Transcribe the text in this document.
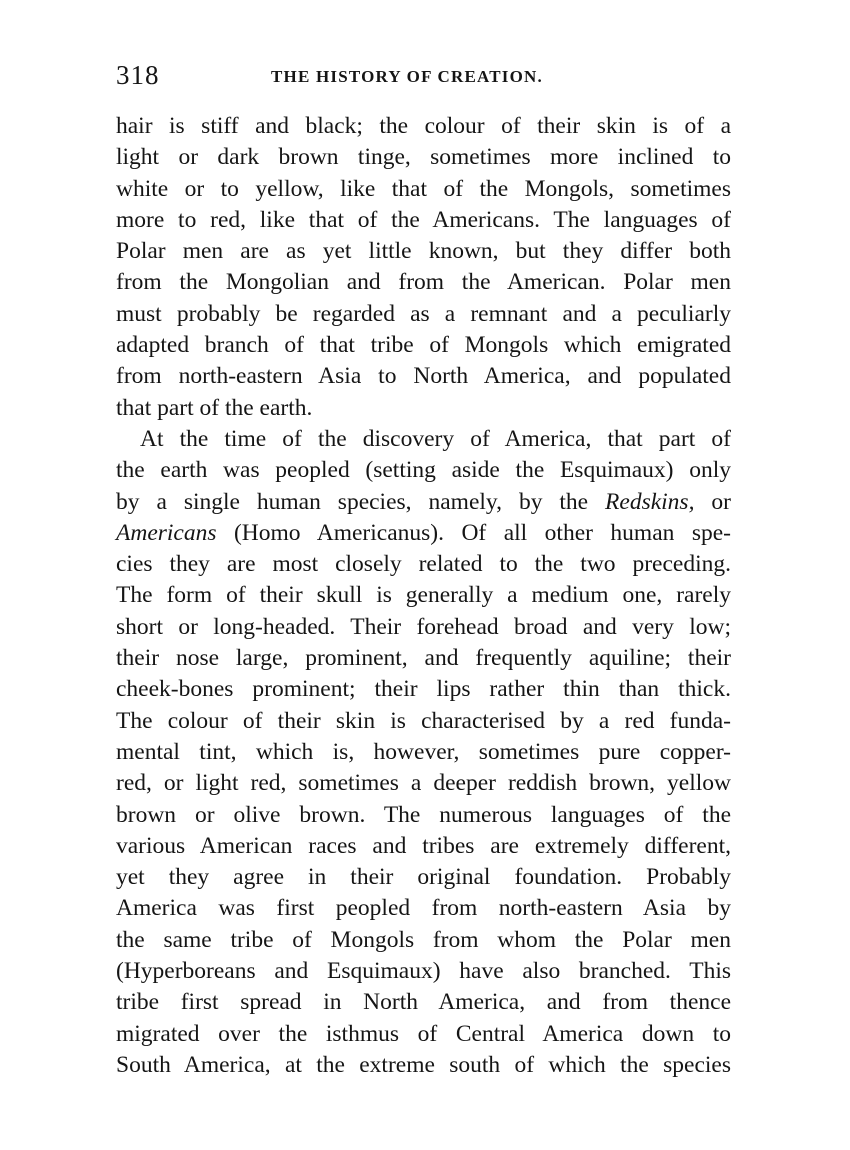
318	THE HISTORY OF CREATION.
hair is stiff and black; the colour of their skin is of a
light or dark brown tinge, sometimes more inclined to
white or to yellow, like that of the Mongols, sometimes
more to red, like that of the Americans. The languages of
Polar men are as yet little known, but they differ both
from the Mongolian and from the American. Polar men
must probably be regarded as a remnant and a peculiarly
adapted branch of that tribe of Mongols which emigrated
from north-eastern Asia to North America, and populated
that part of the earth.
At the time of the discovery of America, that part of
the earth was peopled (setting aside the Esquimaux) only
by a single human species, namely, by the Redskins, or
Americans (Homo Americanus). Of all other human spe-
cies they are most closely related to the two preceding.
The form of their skull is generally a medium one, rarely
short or long-headed. Their forehead broad and very low;
their nose large, prominent, and frequently aquiline; their
cheek-bones prominent; their lips rather thin than thick.
The colour of their skin is characterised by a red funda-
mental tint, which is, however, sometimes pure copper-
red, or light red, sometimes a deeper reddish brown, yellow
brown or olive brown. The numerous languages of the
various American races and tribes are extremely different,
yet they agree in their original foundation. Probably
America was first peopled from north-eastern Asia by
the same tribe of Mongols from whom the Polar men
(Hyperboreans and Esquimaux) have also branched. This
tribe first spread in North America, and from thence
migrated over the isthmus of Central America down to
South America, at the extreme south of which the species
